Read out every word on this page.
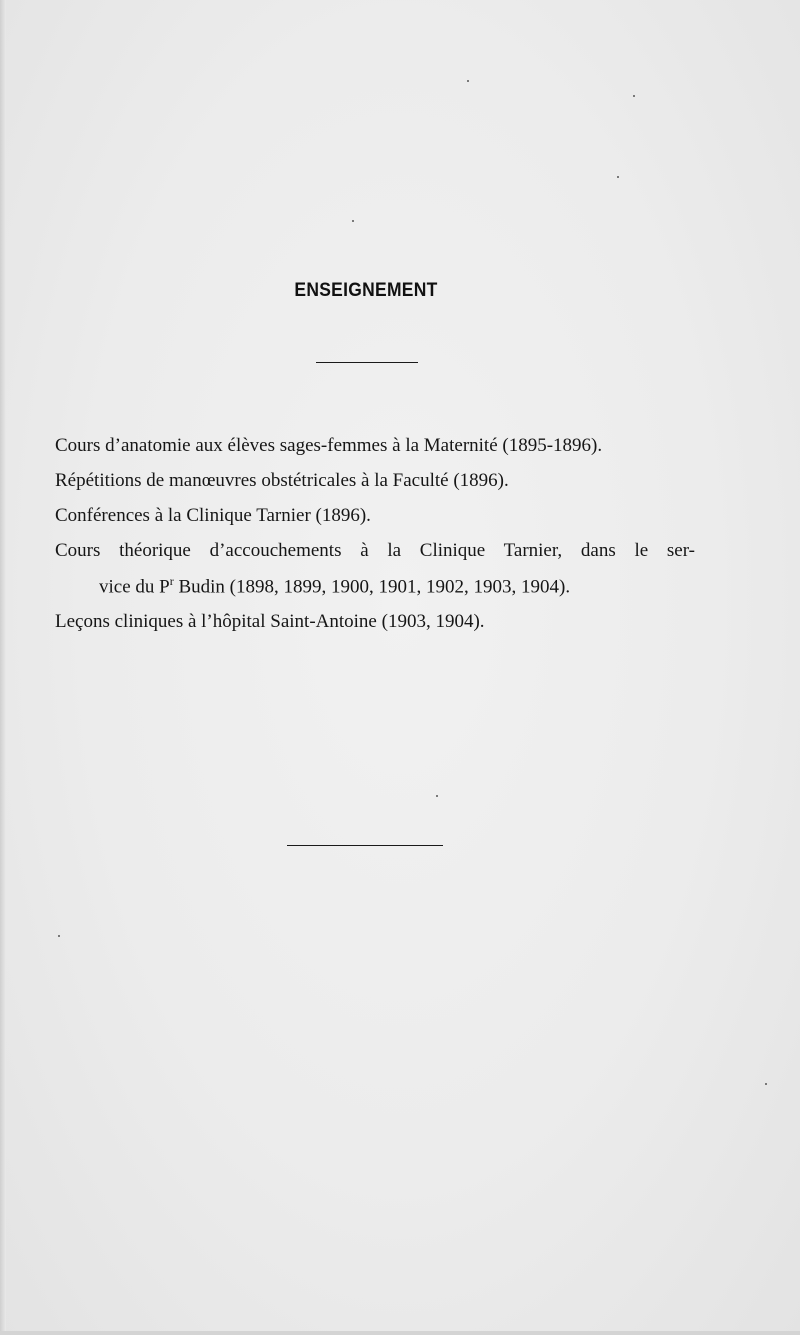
ENSEIGNEMENT
Cours d’anatomie aux élèves sages-femmes à la Maternité (1895-1896).
Répétitions de manœuvres obstétricales à la Faculté (1896).
Conférences à la Clinique Tarnier (1896).
Cours théorique d’accouchements à la Clinique Tarnier, dans le ser-
vice du $P^r$ Budin (1898, 1899, 1900, 1901, 1902, 1903, 1904).
Leçons cliniques à l’hôpital Saint-Antoine (1903, 1904).
